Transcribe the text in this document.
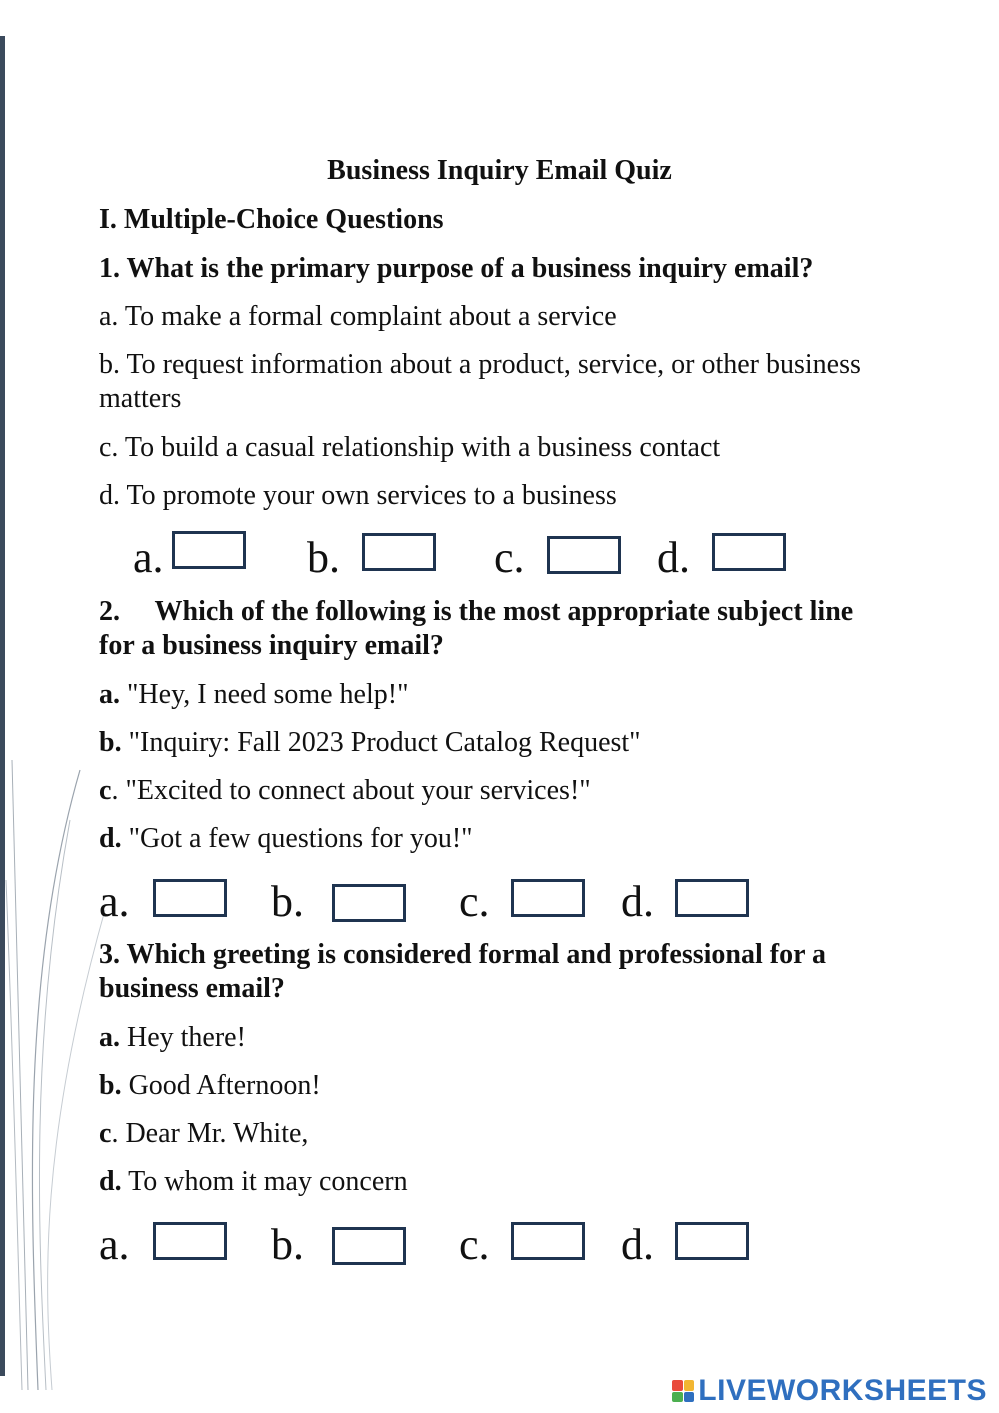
Business Inquiry Email Quiz
I. Multiple-Choice Questions
1. What is the primary purpose of a business inquiry email?
a. To make a formal complaint about a service
b. To request information about a product, service, or other business matters
c. To build a casual relationship with a business contact
d. To promote your own services to a business
a.	b.	c.	d.
2.     Which of the following is the most appropriate subject line for a business inquiry email?
a. "Hey, I need some help!"
b. "Inquiry: Fall 2023 Product Catalog Request"
c. "Excited to connect about your services!"
d. "Got a few questions for you!"
a.	b.	c.	d.
3. Which greeting is considered formal and professional for a business email?
a. Hey there!
b. Good Afternoon!
c. Dear Mr. White,
d. To whom it may concern
a.	b.	c.	d.
LIVEWORKSHEETS
